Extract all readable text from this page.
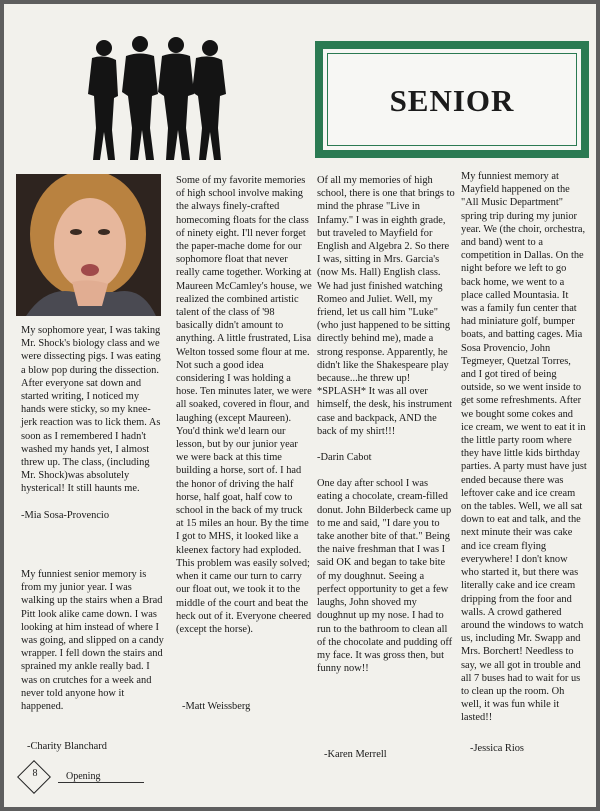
SENIOR

My sophomore year, I was taking Mr. Shock's biology class and we were dissecting pigs. I was eating a blow pop during the dissection. After everyone sat down and started writing, I noticed my hands were sticky, so my knee-jerk reaction was to lick them. As soon as I remembered I hadn't washed my hands yet, I almost threw up. The class, (including Mr. Shock)was absolutely hysterical! It still haunts me.

-Mia Sosa-Provencio

My funniest senior memory is from my junior year. I was walking up the stairs when a Brad Pitt look alike came down. I was looking at him instead of where I was going, and slipped on a candy wrapper. I fell down the stairs and sprained my ankle really bad. I was on crutches for a week and never told anyone how it happened.

-Charity Blanchard

Some of my favorite memories of high school involve making the always finely-crafted homecoming floats for the class of ninety eight. I'll never forget the paper-mache dome for our sophomore float that never really came together. Working at Maureen McCamley's house, we realized the combined artistic talent of the class of '98 basically didn't amount to anything. A little frustrated, Lisa Welton tossed some flour at me. Not such a good idea considering I was holding a hose. Ten minutes later, we were all soaked, covered in flour, and laughing (except Maureen). You'd think we'd learn our lesson, but by our junior year we were back at this time building a horse, sort of. I had the honor of driving the half horse, half goat, half cow to school in the back of my truck at 15 miles an hour. By the time I got to MHS, it looked like a kleenex factory had exploded. This problem was easily solved; when it came our turn to carry our float out, we took it to the middle of the court and beat the heck out of it. Everyone cheered (except the horse).

-Matt Weissberg

Of all my memories of high school, there is one that brings to mind the phrase "Live in Infamy." I was in eighth grade, but traveled to Mayfield for English and Algebra 2. So there I was, sitting in Mrs. Garcia's (now Ms. Hall) English class. We had just finished watching Romeo and Juliet. Well, my friend, let us call him "Luke" (who just happened to be sitting directly behind me), made a strong response. Apparently, he didn't like the Shakespeare play because...he threw up! *SPLASH* It was all over himself, the desk, his instrument case and backpack, AND the back of my shirt!!!

-Darin Cabot

One day after school I was eating a chocolate, cream-filled donut. John Bilderbeck came up to me and said, "I dare you to take another bite of that." Being the naive freshman that I was I said OK and began to take bite of my doughnut. Seeing a perfect opportunity to get a few laughs, John shoved my doughnut up my nose. I had to run to the bathroom to clean all of the chocolate and pudding off my face. It was gross then, but funny now!!

-Karen Merrell

My funniest memory at Mayfield happened on the "All Music Department" spring trip during my junior year. We (the choir, orchestra, and band) went to a competition in Dallas. On the night before we left to go back home, we went to a place called Mountasia. It was a family fun center that had miniature golf, bumper boats, and batting cages. Mia Sosa Provencio, John Tegmeyer, Quetzal Torres, and I got tired of being outside, so we went inside to get some refreshments. After we bought some cokes and ice cream, we went to eat it in the little party room where they have little kids birthday parties. A party must have just ended because there was leftover cake and ice cream on the tables. Well, we all sat down to eat and talk, and the next minute their was cake and ice cream flying everywhere! I don't know who started it, but there was literally cake and ice cream dripping from the foor and walls. A crowd gathered around the windows to watch us, including Mr. Swapp and Mrs. Borchert! Needless to say, we all got in trouble and all 7 buses had to wait for us to clean up the room. Oh well, it was fun while it lasted!!

-Jessica Rios

8	Opening
